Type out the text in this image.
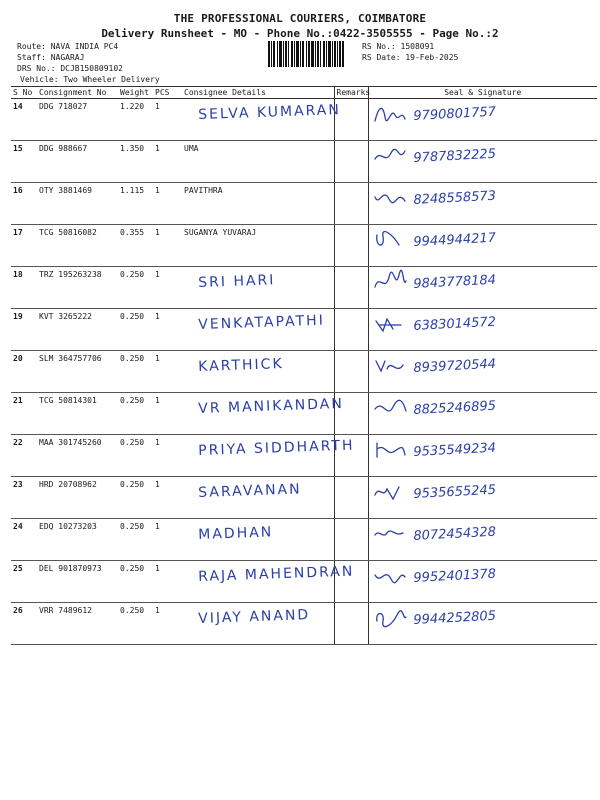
THE PROFESSIONAL COURIERS, COIMBATORE
Delivery Runsheet - MO - Phone No.:0422-3505555 - Page No.:2
Route: NAVA INDIA PC4
Staff: NAGARAJ
DRS No.: DCJB150809102
Vehicle: Two Wheeler Delivery
RS No.: 1508091
RS Date: 19-Feb-2025
S No	Consignment No	Weight	PCS	Consignee Details	Remarks	Seal & Signature
14	DDG 718027	1.220	1	SELVA KUMARAN		9790801757

15	DDG 988667	1.350	1	UMA		9787832225

16	OTY 3881469	1.115	1	PAVITHRA		8248558573

17	TCG 50816082	0.355	1	SUGANYA YUVARAJ		9944944217

18	TRZ 195263238	0.250	1	SRI HARI		9843778184

19	KVT 3265222	0.250	1	VENKATAPATHI		6383014572

20	SLM 364757706	0.250	1	KARTHICK		8939720544

21	TCG 50814301	0.250	1	VR MANIKANDAN		8825246895

22	MAA 301745260	0.250	1	PRIYA SIDDHARTH		9535549234

23	HRD 20708962	0.250	1	SARAVANAN		9535655245

24	EDQ 10273203	0.250	1	MADHAN		8072454328

25	DEL 901870973	0.250	1	RAJA MAHENDRAN		9952401378

26	VRR 7489612	0.250	1	VIJAY ANAND		9944252805
